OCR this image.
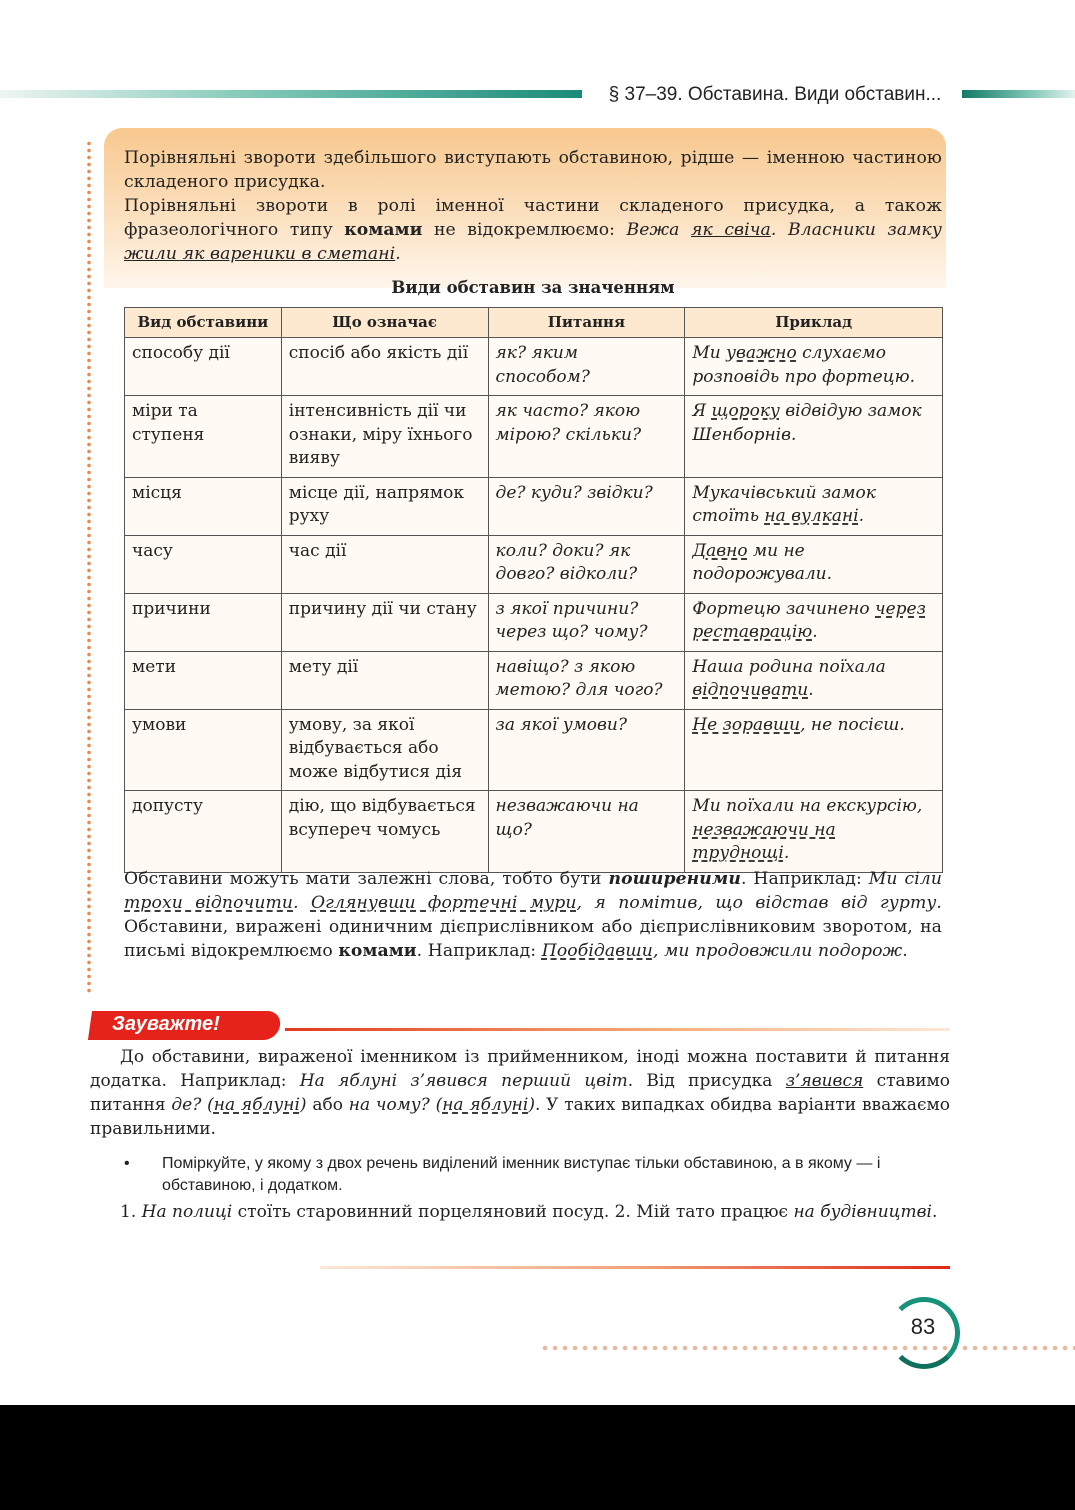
§ 37–39. Обставина. Види обставин...

Порівняльні звороти здебільшого виступають обставиною, рідше — іменною частиною складеного присудка.

Порівняльні звороти в ролі іменної частини складеного присудка, а також фразеологічного типу комами не відокремлюємо: Вежа як свіча. Власники замку жили як вареники в сметані.

Види обставин за значенням
Вид обставини	Що означає	Питання	Приклад
способу дії	спосіб або якість дії	як? яким способом?	Ми уважно слухаємо розповідь про фортецю.
міри та ступеня	інтенсивність дії чи ознаки, міру їхнього вияву	як часто? якою мірою? скільки?	Я щороку відвідую замок Шенборнів.
місця	місце дії, напрямок руху	де? куди? звідки?	Мукачівський замок стоїть на вулкані.
часу	час дії	коли? доки? як довго? відколи?	Давно ми не подорожували.
причини	причину дії чи стану	з якої причини? через що? чому?	Фортецю зачинено через реставрацію.
мети	мету дії	навіщо? з якою метою? для чого?	Наша родина поїхала відпочивати.
умови	умову, за якої відбувається або може відбутися дія	за якої умови?	Не зоравши, не посієш.
допусту	дію, що відбувається всупереч чомусь	незважаючи на що?	Ми поїхали на екскурсію, незважаючи на труднощі.

Обставини можуть мати залежні слова, тобто бути поширеними. Наприклад: Ми сіли трохи відпочити. Оглянувши фортечні мури, я помітив, що відстав від гурту. Обставини, виражені одиничним дієприслівником або дієприслівниковим зворотом, на письмі відокремлюємо комами. Наприклад: Пообідавши, ми продовжили подорож.

Зауважте!

До обставини, вираженої іменником із прийменником, іноді можна поставити й питання додатка. Наприклад: На яблуні з’явився перший цвіт. Від присудка з’явився ставимо питання де? (на яблуні) або на чому? (на яблуні). У таких випадках обидва варіанти вважаємо правильними.

• Поміркуйте, у якому з двох речень виділений іменник виступає тільки обставиною, а в якому — і обставиною, і додатком.

1. На полиці стоїть старовинний порцеляновий посуд. 2. Мій тато працює на будівництві.

83
